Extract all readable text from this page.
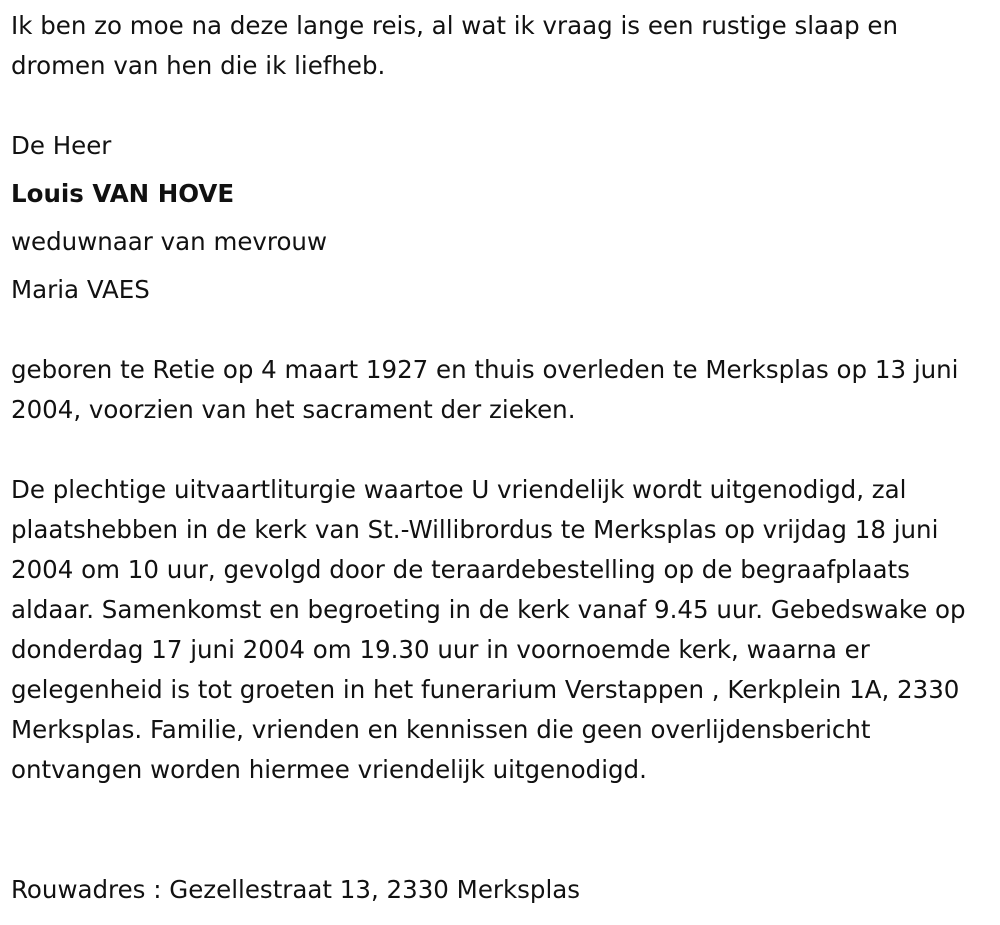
Ik ben zo moe na deze lange reis, al wat ik vraag is een rustige slaap en dromen van hen die ik liefheb.

De Heer

Louis VAN HOVE

weduwnaar van mevrouw

Maria VAES

geboren te Retie op 4 maart 1927 en thuis overleden te Merksplas op 13 juni 2004, voorzien van het sacrament der zieken.

De plechtige uitvaartliturgie waartoe U vriendelijk wordt uitgenodigd, zal plaatshebben in de kerk van St.-Willibrordus te Merksplas op vrijdag 18 juni 2004 om 10 uur, gevolgd door de teraardebestelling op de begraafplaats aldaar. Samenkomst en begroeting in de kerk vanaf 9.45 uur. Gebedswake op donderdag 17 juni 2004 om 19.30 uur in voornoemde kerk, waarna er gelegenheid is tot groeten in het funerarium Verstappen , Kerkplein 1A, 2330 Merksplas. Familie, vrienden en kennissen die geen overlijdensbericht ontvangen worden hiermee vriendelijk uitgenodigd.

Rouwadres : Gezellestraat 13, 2330 Merksplas
